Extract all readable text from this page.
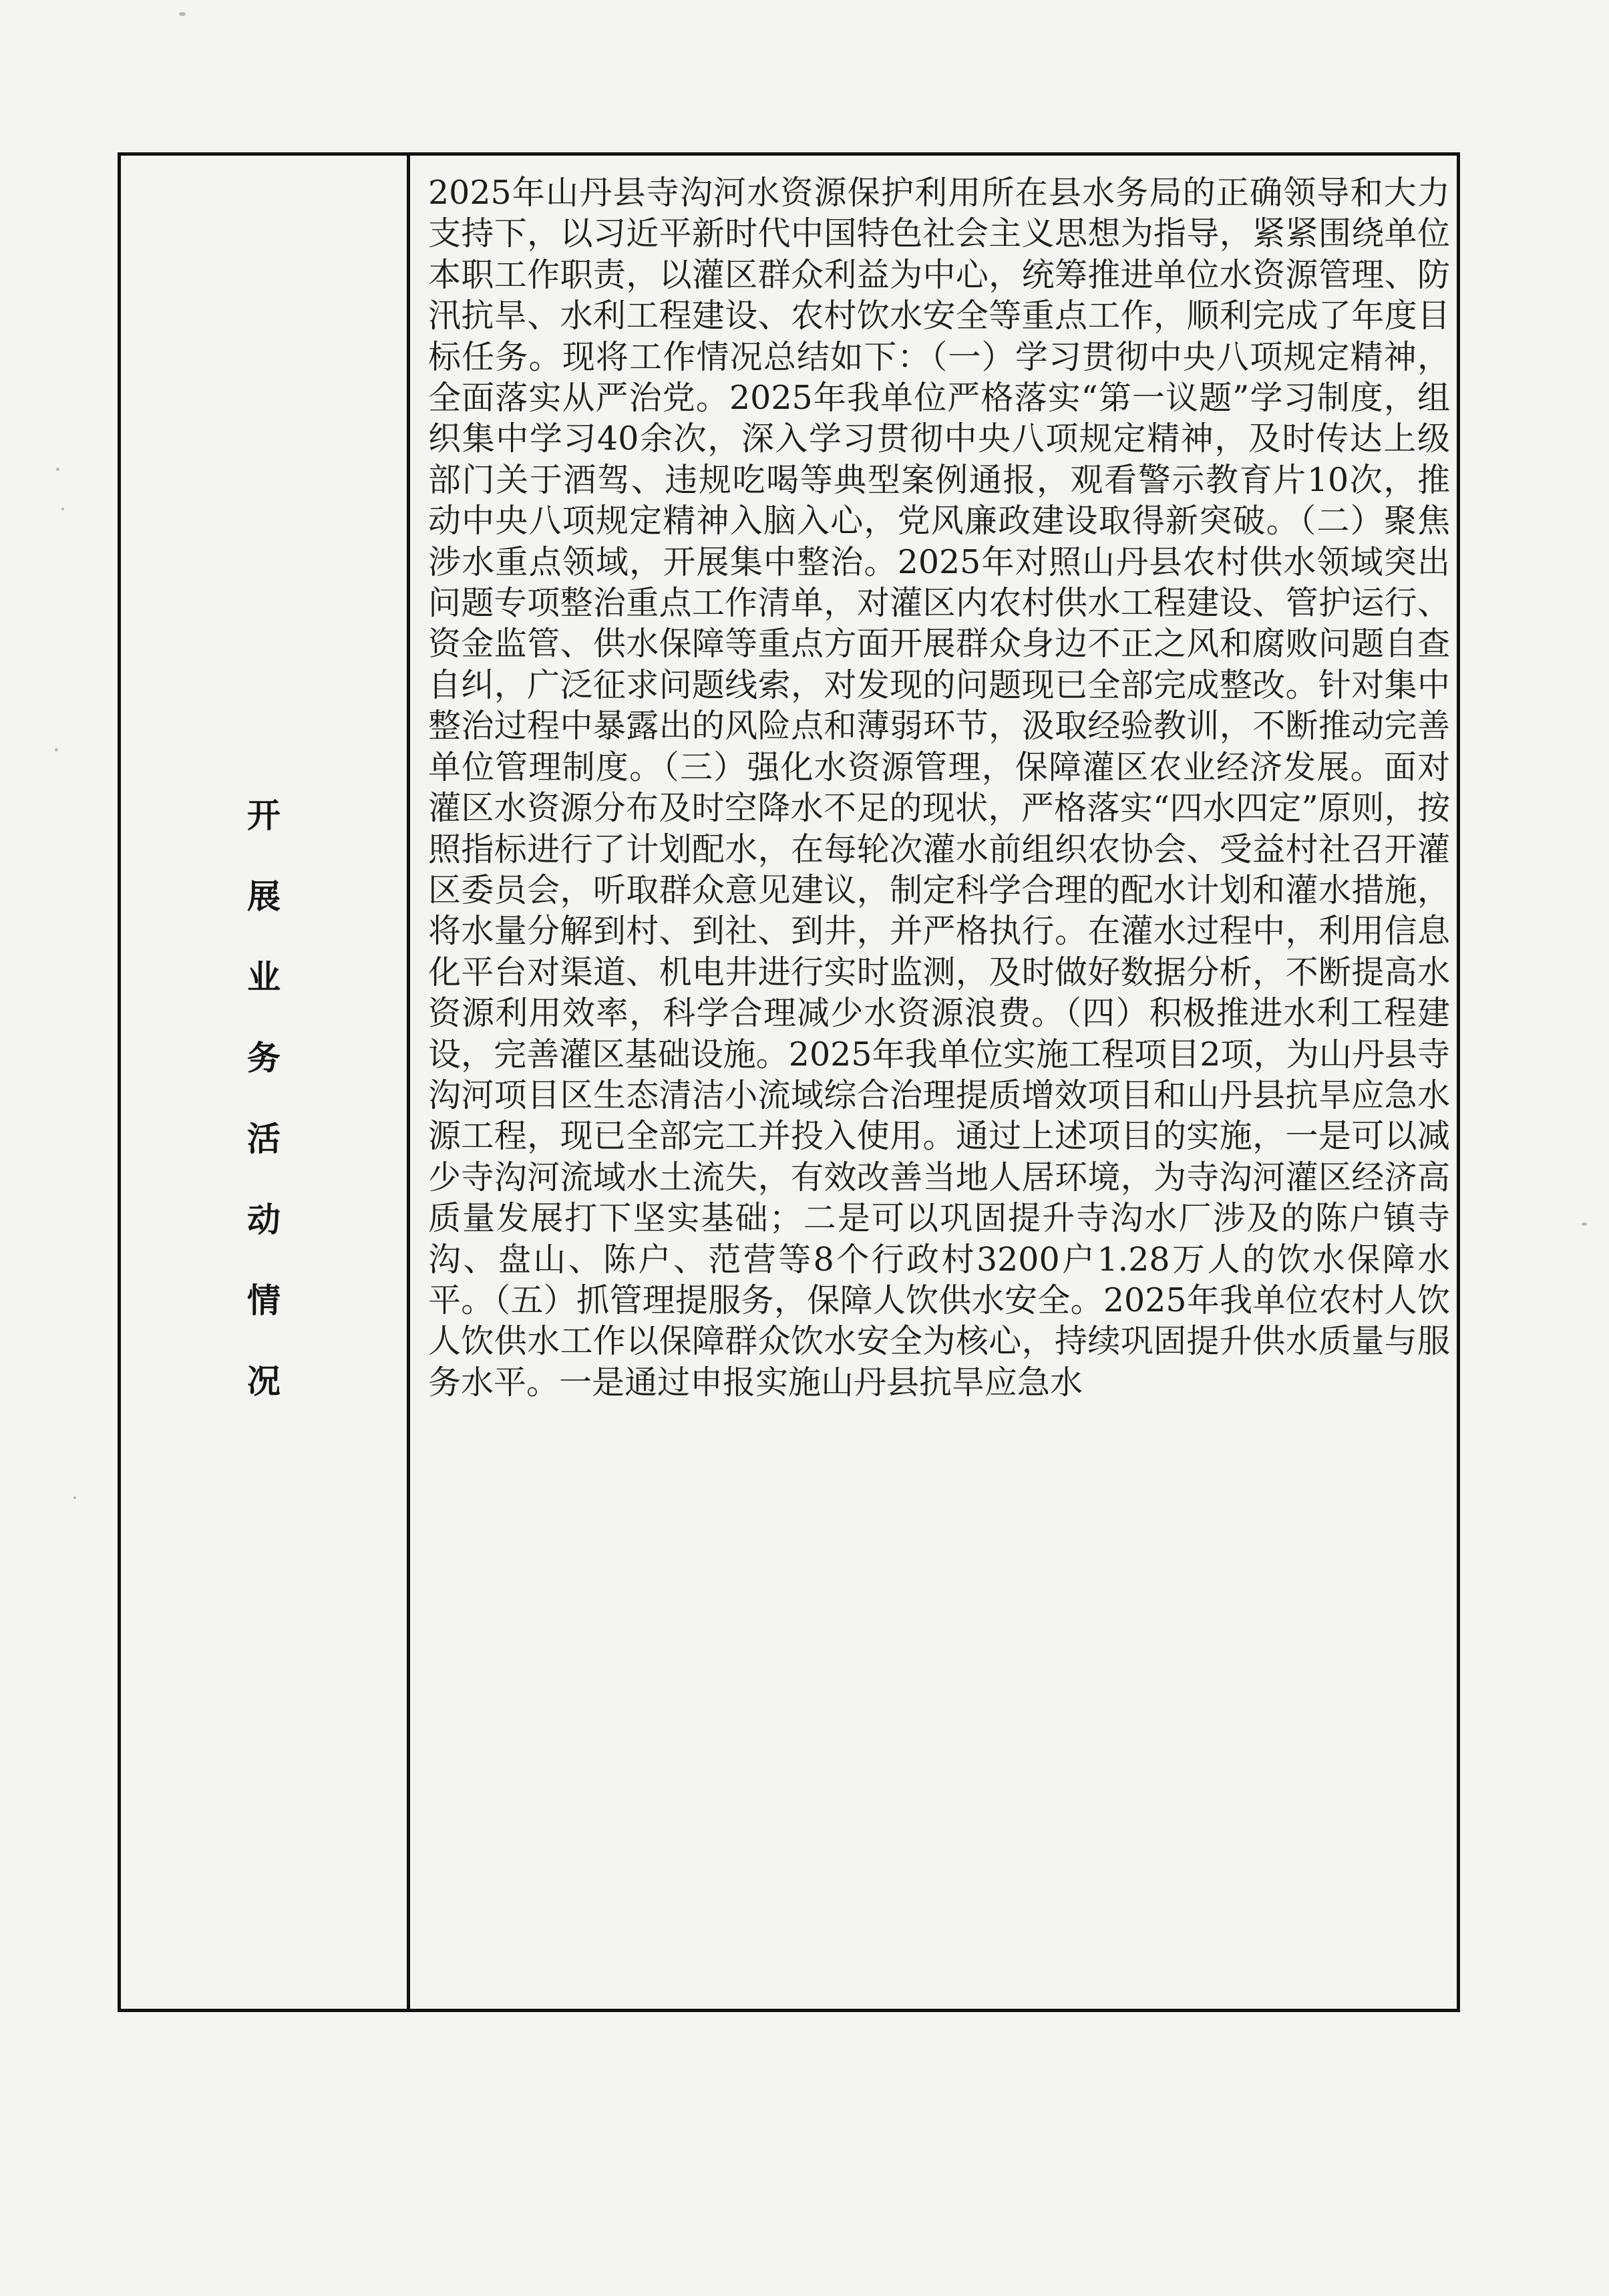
开
展
业
务
活
动
情
况

2025年山丹县寺沟河水资源保护利用所在县水务局的正确领导和大力支持下，以习近平新时代中国特色社会主义思想为指导，紧紧围绕单位本职工作职责，以灌区群众利益为中心，统筹推进单位水资源管理、防汛抗旱、水利工程建设、农村饮水安全等重点工作，顺利完成了年度目标任务。现将工作情况总结如下：（一）学习贯彻中央八项规定精神，全面落实从严治党。2025年我单位严格落实“第一议题”学习制度，组织集中学习40余次，深入学习贯彻中央八项规定精神，及时传达上级部门关于酒驾、违规吃喝等典型案例通报，观看警示教育片10次，推动中央八项规定精神入脑入心，党风廉政建设取得新突破。（二）聚焦涉水重点领域，开展集中整治。2025年对照山丹县农村供水领域突出问题专项整治重点工作清单，对灌区内农村供水工程建设、管护运行、资金监管、供水保障等重点方面开展群众身边不正之风和腐败问题自查自纠，广泛征求问题线索，对发现的问题现已全部完成整改。针对集中整治过程中暴露出的风险点和薄弱环节，汲取经验教训，不断推动完善单位管理制度。（三）强化水资源管理，保障灌区农业经济发展。面对灌区水资源分布及时空降水不足的现状，严格落实“四水四定”原则，按照指标进行了计划配水，在每轮次灌水前组织农协会、受益村社召开灌区委员会，听取群众意见建议，制定科学合理的配水计划和灌水措施，将水量分解到村、到社、到井，并严格执行。在灌水过程中，利用信息化平台对渠道、机电井进行实时监测，及时做好数据分析，不断提高水资源利用效率，科学合理减少水资源浪费。（四）积极推进水利工程建设，完善灌区基础设施。2025年我单位实施工程项目2项，为山丹县寺沟河项目区生态清洁小流域综合治理提质增效项目和山丹县抗旱应急水源工程，现已全部完工并投入使用。通过上述项目的实施，一是可以减少寺沟河流域水土流失，有效改善当地人居环境，为寺沟河灌区经济高质量发展打下坚实基础；二是可以巩固提升寺沟水厂涉及的陈户镇寺沟、盘山、陈户、范营等8个行政村3200户1.28万人的饮水保障水平。（五）抓管理提服务，保障人饮供水安全。2025年我单位农村人饮人饮供水工作以保障群众饮水安全为核心，持续巩固提升供水质量与服务水平。一是通过申报实施山丹县抗旱应急水
